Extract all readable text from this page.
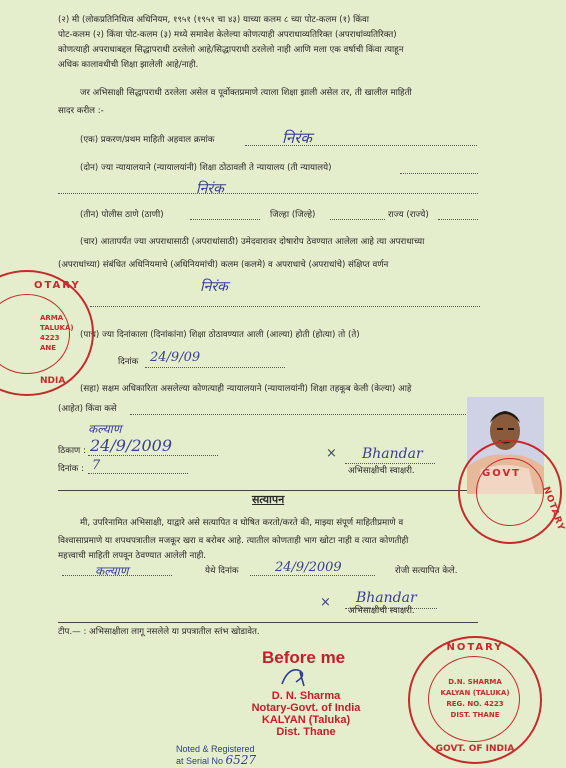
(२) मी (लोकप्रतिनिधित्व अधिनियम, १९५१ (१९५१ चा ४३) याच्या कलम ८ च्या पोट-कलम (१) किंवा
पोट-कलम (२) किंवा पोट-कलम (३) मध्ये समावेश केलेल्या कोणत्याही अपराधाव्यतिरिक्त (अपराधांव्यतिरिक्त)
कोणत्याही अपराधाबद्दल सिद्धापराधी ठरलेलो आहे/सिद्धापराधी ठरलेलो नाही आणि मला एक वर्षाची किंवा त्याहून
अधिक कालावधीची शिक्षा झालेली आहे/नाही.
जर अभिसाक्षी सिद्धापराधी ठरलेला असेल व पूर्वोक्तप्रमाणे त्याला शिक्षा झाली असेल तर, ती खालील माहिती
सादर करील :-
(एक) प्रकरण/प्रथम माहिती अहवाल क्रमांक	निरंक
(दोन) ज्या न्यायालयाने (न्यायालयांनी) शिक्षा ठोठावली ते न्यायालय (ती न्यायालये)
निरंक
(तीन) पोलीस ठाणे (ठाणी)	जिल्हा (जिल्हे)	राज्य (राज्ये)
(चार) आतापर्यंत ज्या अपराधासाठी (अपराधांसाठी) उमेदवारावर दोषारोप ठेवण्यात आलेला आहे त्या अपराधाच्या
(अपराधांच्या) संबंधित अधिनियमाचे (अधिनियमांची) कलम (कलमे) व अपराधाचे (अपराधांचे) संक्षिप्त वर्णन
निरंक
(पाच) ज्या दिनांकाला (दिनांकांना) शिक्षा ठोठावण्यात आली (आल्या) होती (होत्या) तो (ते)
दिनांक 24/9/09
(सहा) सक्षम अधिकारिता असलेल्या कोणत्याही न्यायालयाने (न्यायालयांनी) शिक्षा तहकूब केली (केल्या) आहे
(आहेत) किंवा कसे
कल्याण
ठिकाण : 24/9/2009
दिनांक : 7
× Bhandar
अभिसाक्षीची स्वाक्षरी.
सत्यापन
मी, उपरिनामित अभिसाक्षी, याद्वारे असे सत्यापित व घोषित करतो/करते की, माझ्या संपूर्ण माहितीप्रमाणे व
विश्वासाप्रमाणे या शपथपत्रातील मजकूर खरा व बरोबर आहे. त्यातील कोणताही भाग खोटा नाही व त्यात कोणतीही
महत्त्वाची माहिती लपवून ठेवण्यात आलेली नाही.
कल्याण	येथे दिनांक	24/9/2009	रोजी सत्यापित केले.
× Bhandar
अभिसाक्षीची स्वाक्षरी.
टीप.— : अभिसाक्षीला लागू नसलेले या प्रपत्रातील स्तंभ खोडावेत.
Before me
D. N. Sharma
Notary-Govt. of India
KALYAN (Taluka)
Dist. Thane
Noted & Registered
at Serial No 6527
NOTARY
D.N. SHARMA
KALYAN (TALUKA)
REG. NO. 4223
DIST. THANE
GOVT. OF INDIA
OTARY
ARMA
TALUKA)
4223
ANE
NDIA
GOVT
NOTARY
